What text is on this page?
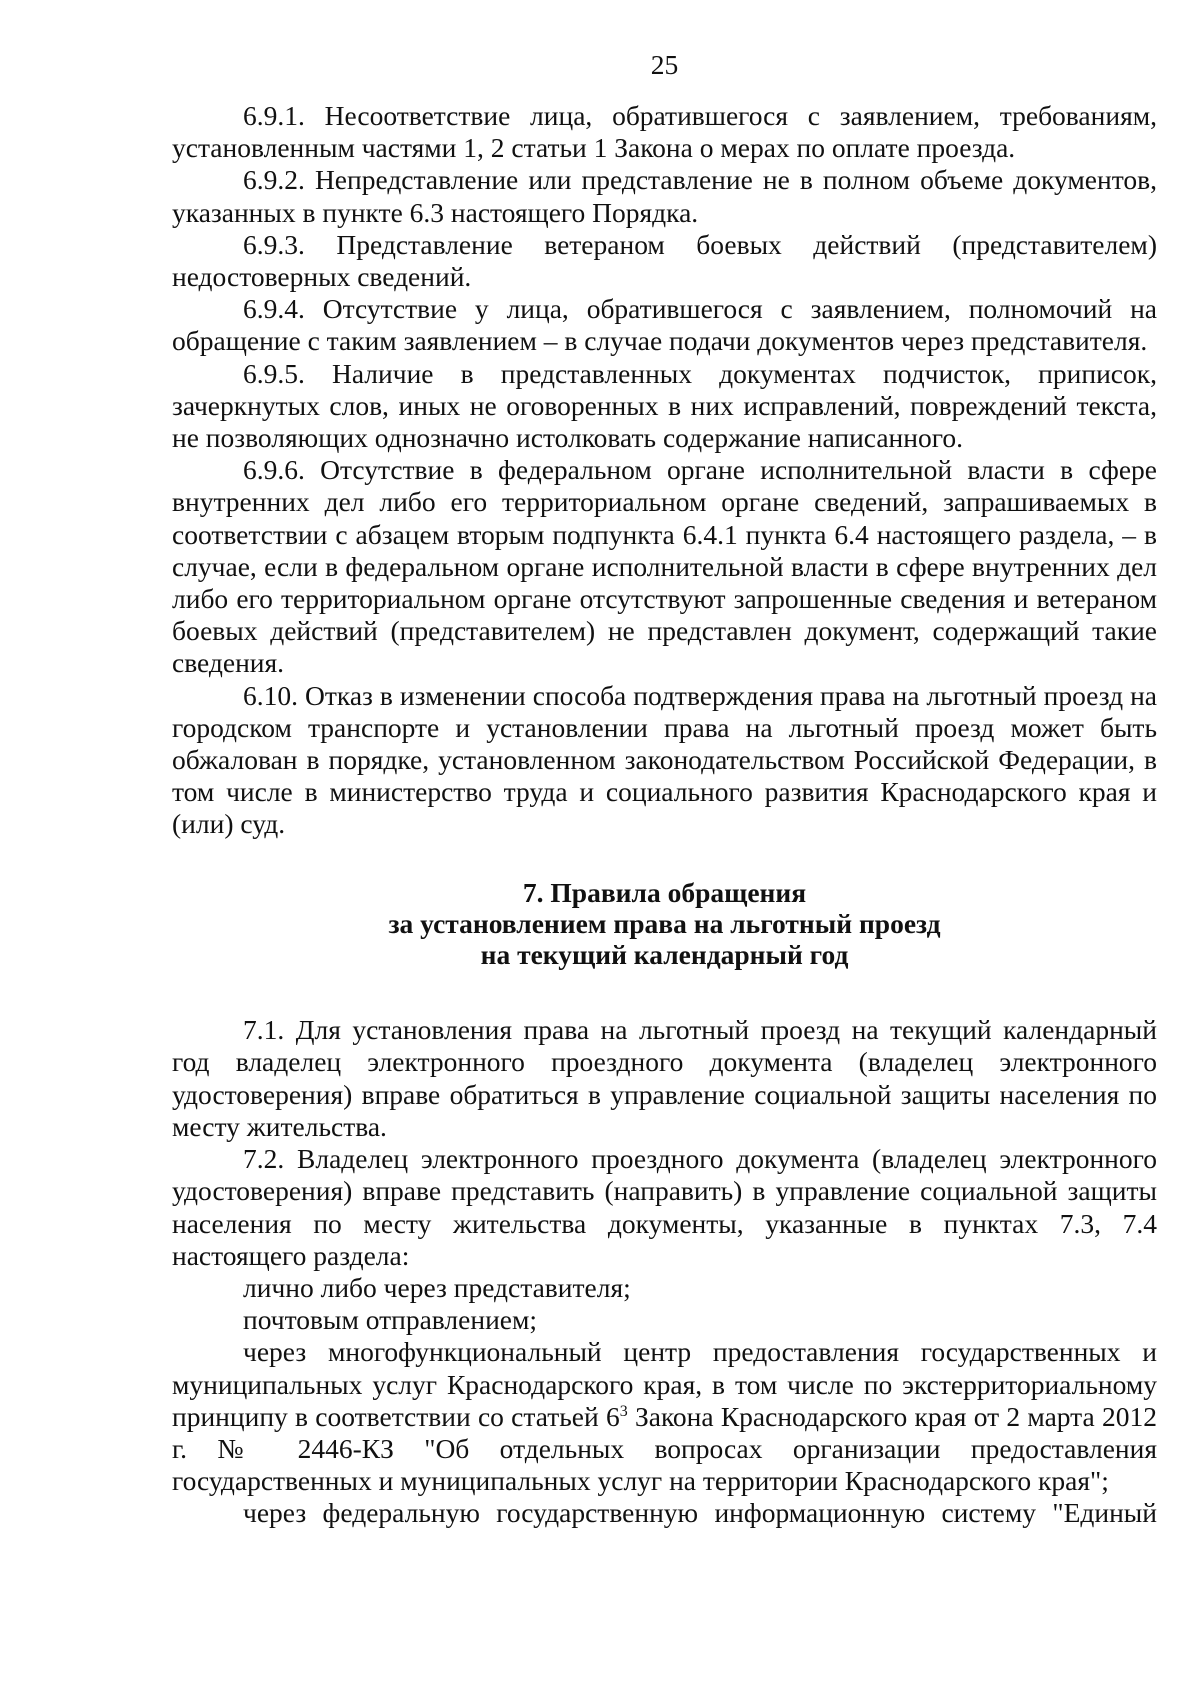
25

6.9.1. Несоответствие лица, обратившегося с заявлением, требованиям, установленным частями 1, 2 статьи 1 Закона о мерах по оплате проезда.

6.9.2. Непредставление или представление не в полном объеме документов, указанных в пункте 6.3 настоящего Порядка.

6.9.3. Представление ветераном боевых действий (представителем) недостоверных сведений.

6.9.4. Отсутствие у лица, обратившегося с заявлением, полномочий на обращение с таким заявлением – в случае подачи документов через представителя.

6.9.5. Наличие в представленных документах подчисток, приписок, зачеркнутых слов, иных не оговоренных в них исправлений, повреждений текста, не позволяющих однозначно истолковать содержание написанного.

6.9.6. Отсутствие в федеральном органе исполнительной власти в сфере внутренних дел либо его территориальном органе сведений, запрашиваемых в соответствии с абзацем вторым подпункта 6.4.1 пункта 6.4 настоящего раздела, – в случае, если в федеральном органе исполнительной власти в сфере внутренних дел либо его территориальном органе отсутствуют запрошенные сведения и ветераном боевых действий (представителем) не представлен документ, содержащий такие сведения.

6.10. Отказ в изменении способа подтверждения права на льготный проезд на городском транспорте и установлении права на льготный проезд может быть обжалован в порядке, установленном законодательством Российской Федерации, в том числе в министерство труда и социального развития Краснодарского края и (или) суд.

7. Правила обращения
за установлением права на льготный проезд
на текущий календарный год

7.1. Для установления права на льготный проезд на текущий календарный год владелец электронного проездного документа (владелец электронного удостоверения) вправе обратиться в управление социальной защиты населения по месту жительства.

7.2. Владелец электронного проездного документа (владелец электронного удостоверения) вправе представить (направить) в управление социальной защиты населения по месту жительства документы, указанные в пунктах 7.3, 7.4 настоящего раздела:

лично либо через представителя;

почтовым отправлением;

через многофункциональный центр предоставления государственных и муниципальных услуг Краснодарского края, в том числе по экстерриториальному принципу в соответствии со статьей $6^3$ Закона Краснодарского края от 2 марта 2012 г. № 2446-КЗ "Об отдельных вопросах организации предоставления государственных и муниципальных услуг на территории Краснодарского края";

через федеральную государственную информационную систему "Единый
